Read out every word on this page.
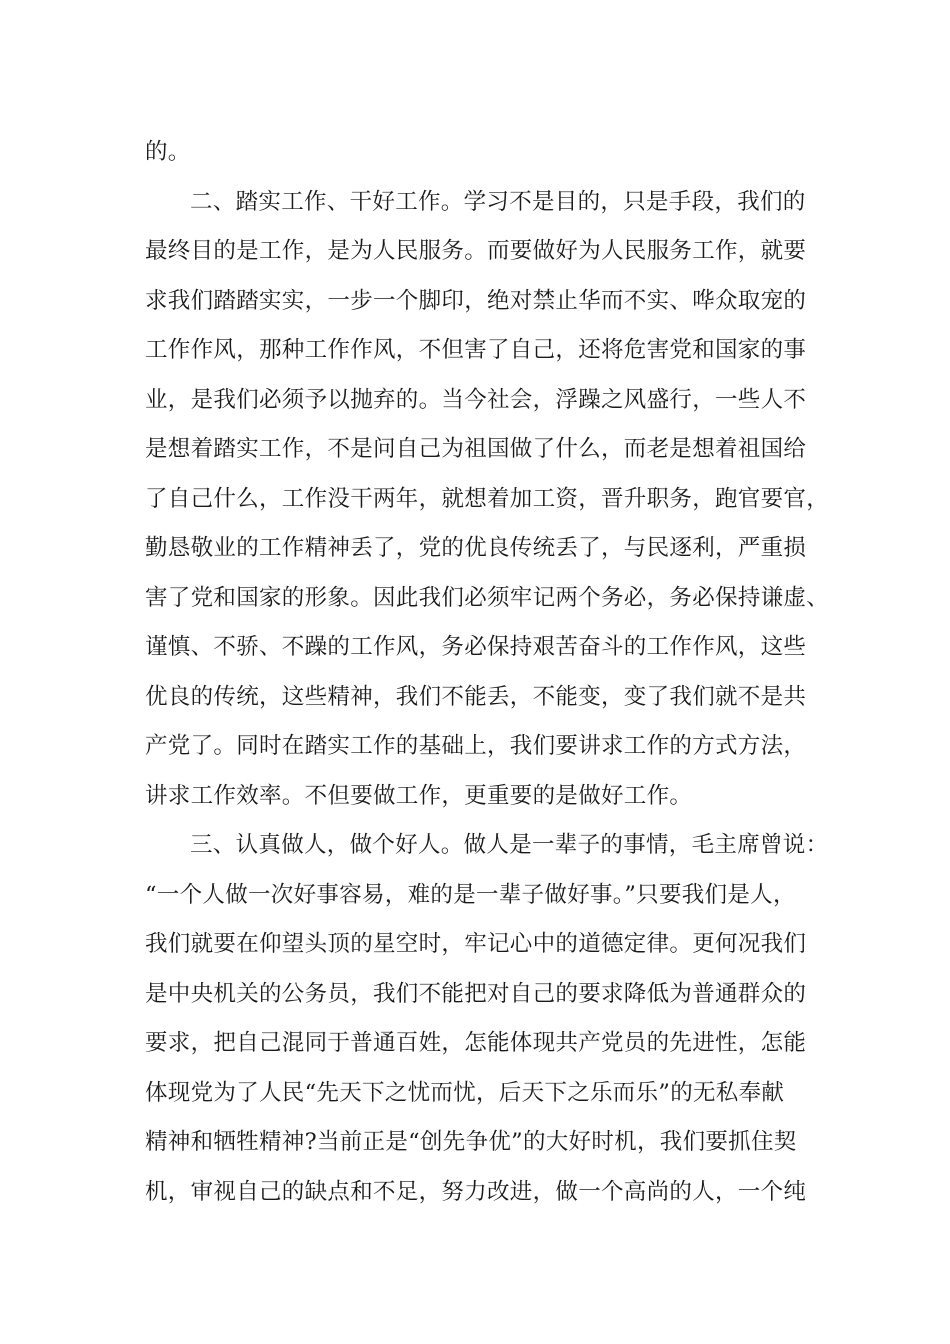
的。
二、踏实工作、干好工作。学习不是目的，只是手段，我们的
最终目的是工作，是为人民服务。而要做好为人民服务工作，就要
求我们踏踏实实，一步一个脚印，绝对禁止华而不实、哗众取宠的
工作作风，那种工作作风，不但害了自己，还将危害党和国家的事
业，是我们必须予以抛弃的。当今社会，浮躁之风盛行，一些人不
是想着踏实工作，不是问自己为祖国做了什么，而老是想着祖国给
了自己什么，工作没干两年，就想着加工资，晋升职务，跑官要官，
勤恳敬业的工作精神丢了，党的优良传统丢了，与民逐利，严重损
害了党和国家的形象。因此我们必须牢记两个务必，务必保持谦虚、
谨慎、不骄、不躁的工作风，务必保持艰苦奋斗的工作作风，这些
优良的传统，这些精神，我们不能丢，不能变，变了我们就不是共
产党了。同时在踏实工作的基础上，我们要讲求工作的方式方法，
讲求工作效率。不但要做工作，更重要的是做好工作。
三、认真做人，做个好人。做人是一辈子的事情，毛主席曾说：
“一个人做一次好事容易，难的是一辈子做好事。”只要我们是人，
我们就要在仰望头顶的星空时，牢记心中的道德定律。更何况我们
是中央机关的公务员，我们不能把对自己的要求降低为普通群众的
要求，把自己混同于普通百姓，怎能体现共产党员的先进性，怎能
体现党为了人民“先天下之忧而忧，后天下之乐而乐”的无私奉献
精神和牺牲精神?当前正是“创先争优”的大好时机，我们要抓住契
机，审视自己的缺点和不足，努力改进，做一个高尚的人，一个纯
